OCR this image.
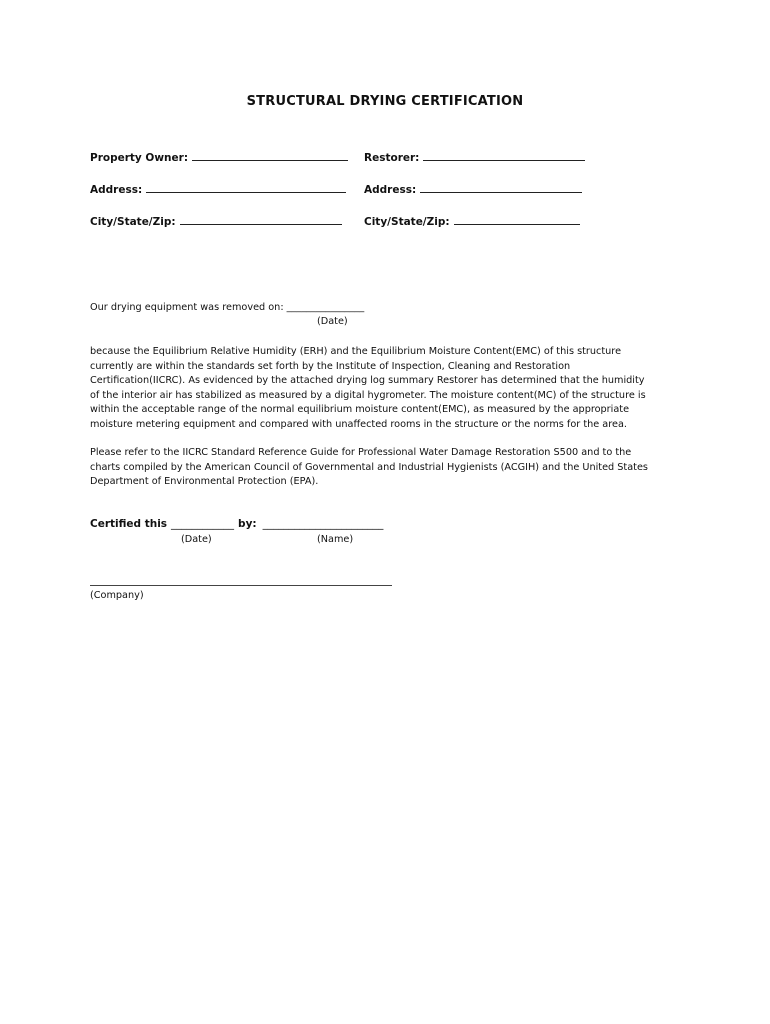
STRUCTURAL DRYING CERTIFICATION
Property Owner:	Restorer:
Address:	Address:
City/State/Zip:	City/State/Zip:
Our drying equipment was removed on: ________________
(Date)
because the Equilibrium Relative Humidity (ERH) and the Equilibrium Moisture Content(EMC) of this structure
currently are within the standards set forth by the Institute of Inspection, Cleaning and Restoration
Certification(IICRC). As evidenced by the attached drying log summary Restorer has determined that the humidity
of the interior air has stabilized as measured by a digital hygrometer. The moisture content(MC) of the structure is
within the acceptable range of the normal equilibrium moisture content(EMC), as measured by the appropriate
moisture metering equipment and compared with unaffected rooms in the structure or the norms for the area.
Please refer to the IICRC Standard Reference Guide for Professional Water Damage Restoration S500 and to the
charts compiled by the American Council of Governmental and Industrial Hygienists (ACGIH) and the United States
Department of Environmental Protection (EPA).
Certified this ____________ by: _______________________
(Date)	(Name)
(Company)
